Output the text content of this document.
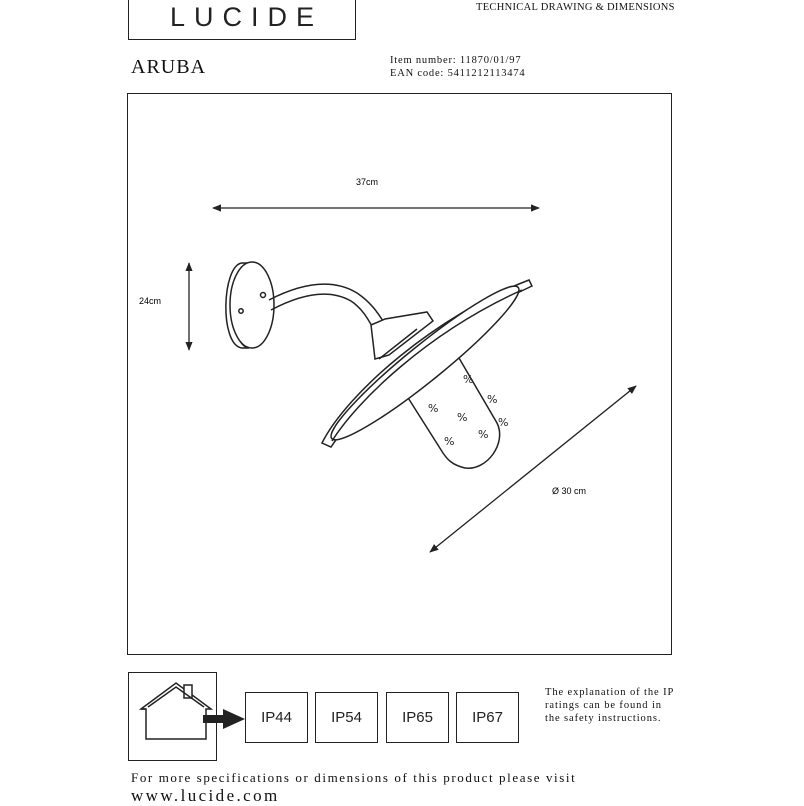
LUCIDE	TECHNICAL DRAWING & DIMENSIONS
ARUBA	Item number: 11870/01/97
EAN code: 5411212113474
37cm
24cm
Ø 30 cm
%
%
%
%
%
%
%
IP44	IP54	IP65	IP67
The explanation of the IP ratings can be found in the safety instructions.
For more specifications or dimensions of this product please visit
www.lucide.com
